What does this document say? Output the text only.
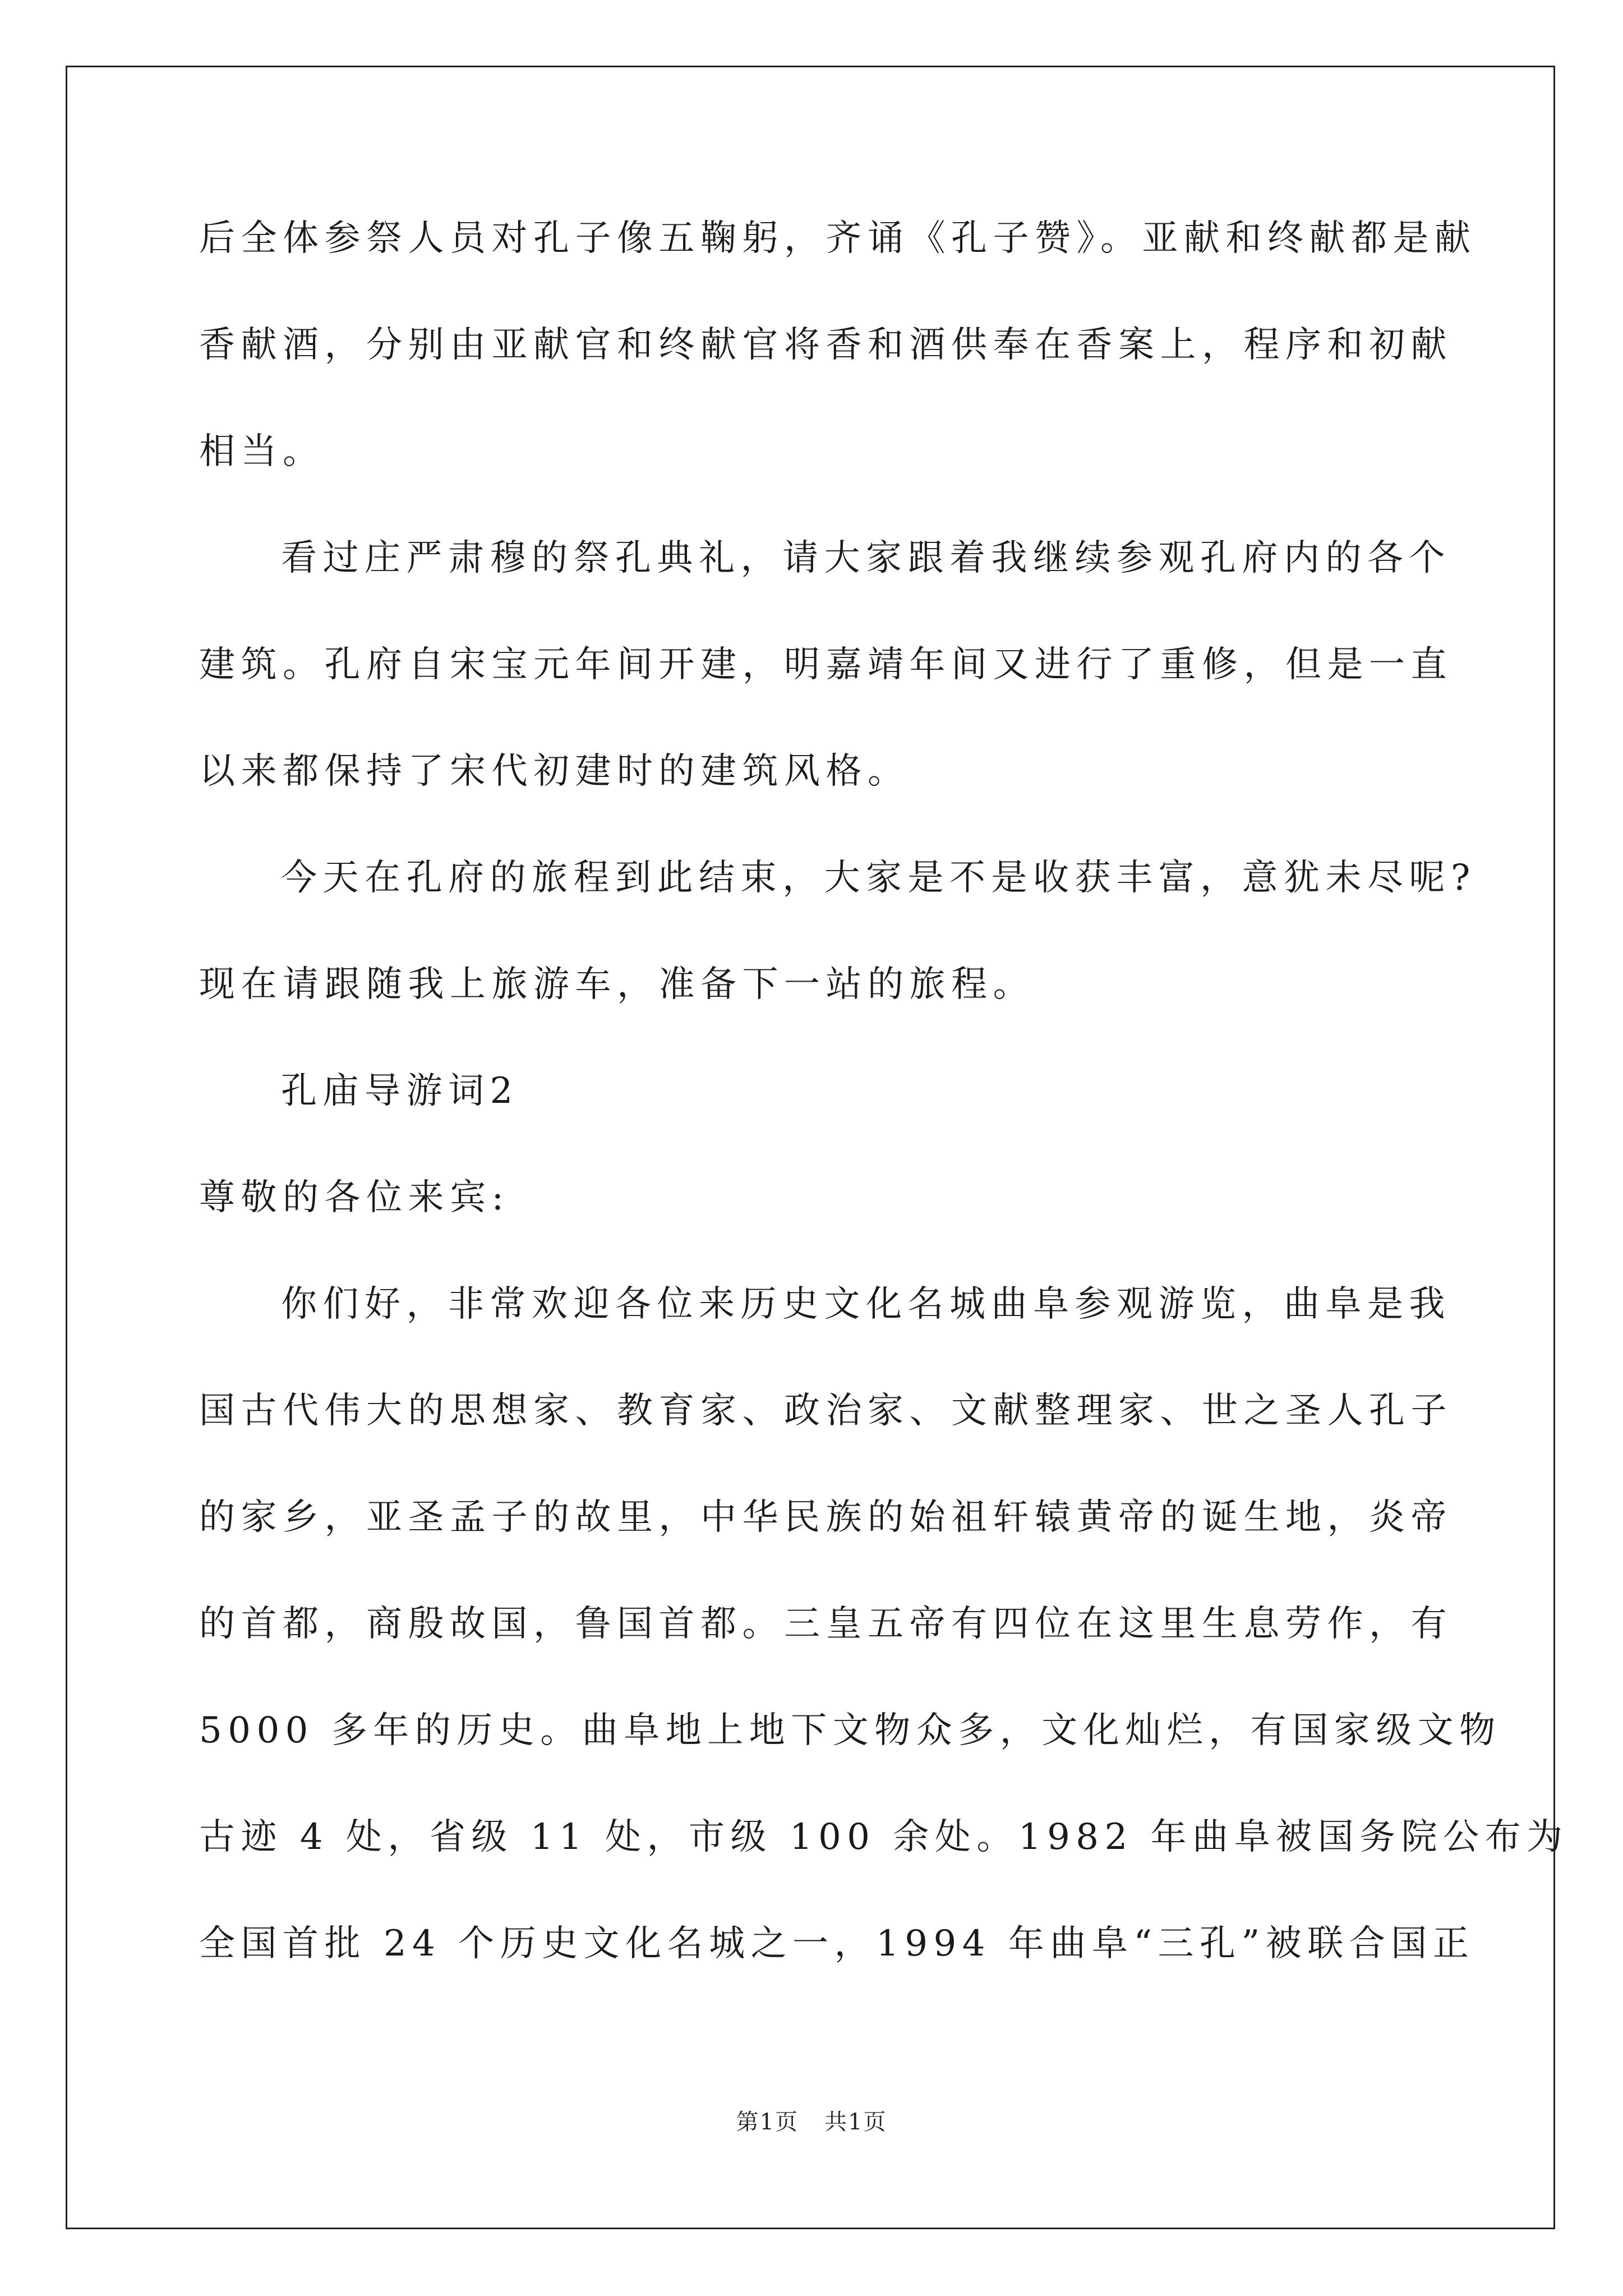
后全体参祭人员对孔子像五鞠躬，齐诵《孔子赞》。亚献和终献都是献
香献酒，分别由亚献官和终献官将香和酒供奉在香案上，程序和初献
相当。
看过庄严肃穆的祭孔典礼，请大家跟着我继续参观孔府内的各个
建筑。孔府自宋宝元年间开建，明嘉靖年间又进行了重修，但是一直
以来都保持了宋代初建时的建筑风格。
今天在孔府的旅程到此结束，大家是不是收获丰富，意犹未尽呢?
现在请跟随我上旅游车，准备下一站的旅程。
孔庙导游词2
尊敬的各位来宾:
你们好，非常欢迎各位来历史文化名城曲阜参观游览，曲阜是我
国古代伟大的思想家、教育家、政治家、文献整理家、世之圣人孔子
的家乡，亚圣孟子的故里，中华民族的始祖轩辕黄帝的诞生地，炎帝
的首都，商殷故国，鲁国首都。三皇五帝有四位在这里生息劳作，有
5000 多年的历史。曲阜地上地下文物众多，文化灿烂，有国家级文物
古迹 4 处，省级 11 处，市级 100 余处。1982 年曲阜被国务院公布为
全国首批 24 个历史文化名城之一，1994 年曲阜“三孔”被联合国正
第1页 共1页
